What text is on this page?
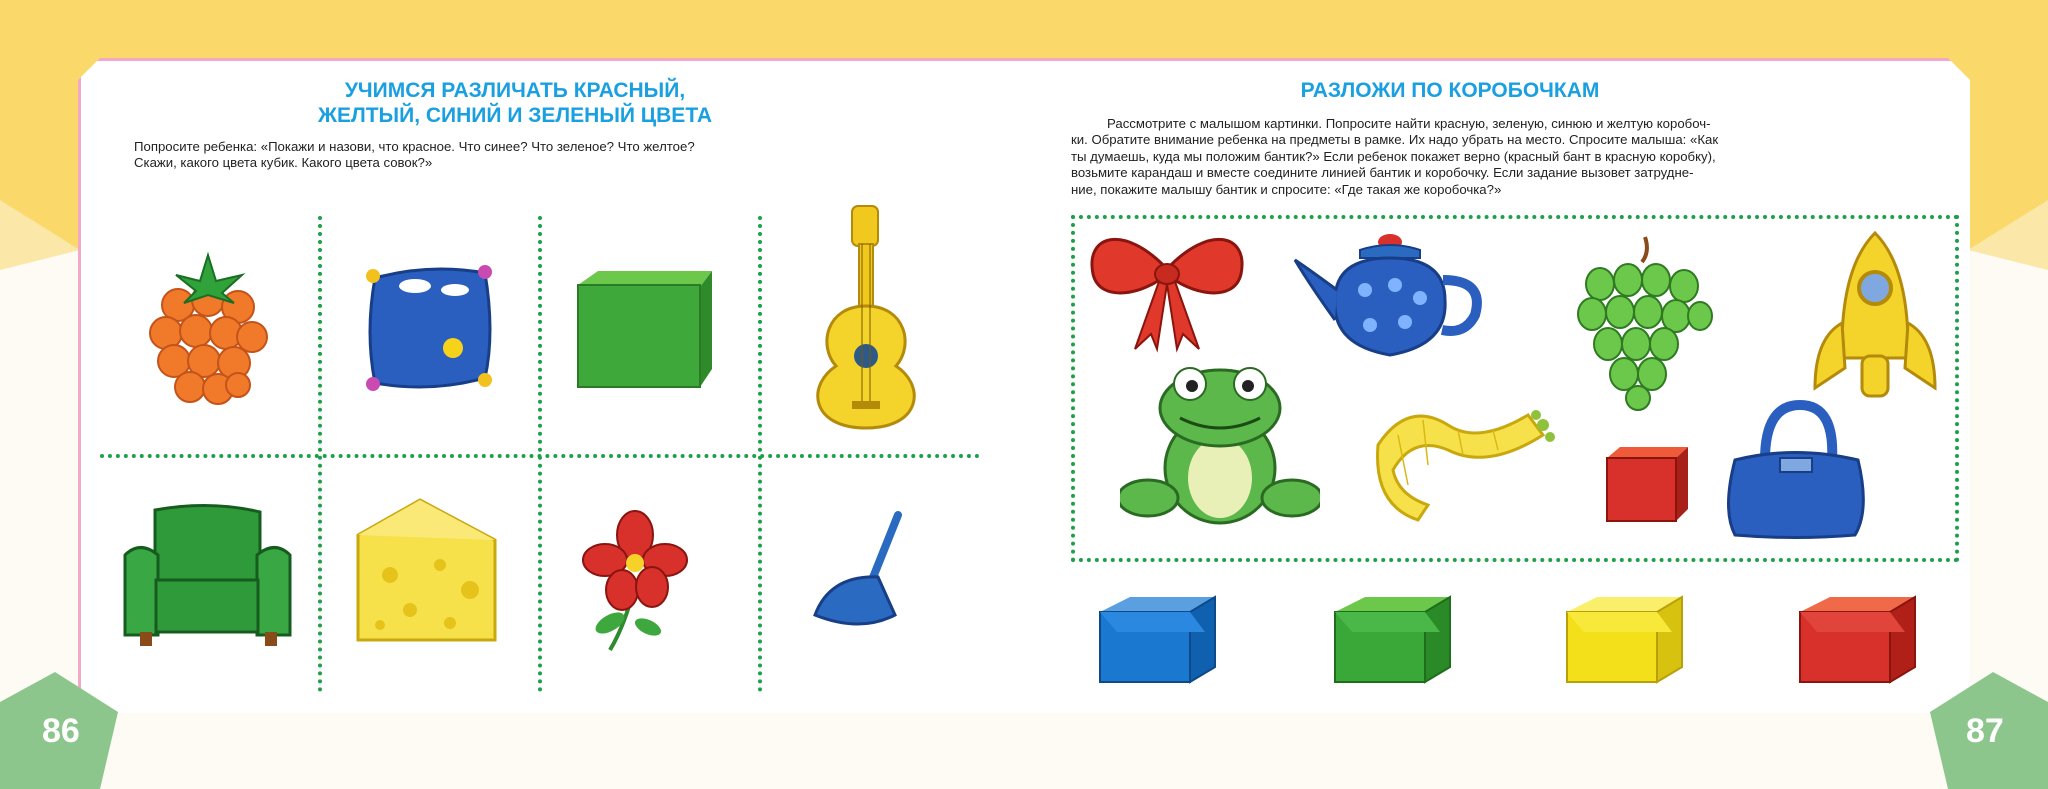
86	87
УЧИМСЯ РАЗЛИЧАТЬ КРАСНЫЙ,
ЖЕЛТЫЙ, СИНИЙ И ЗЕЛЕНЫЙ ЦВЕТА
Попросите ребенка: «Покажи и назови, что красное. Что синее? Что зеленое? Что желтое?
Скажи, какого цвета кубик. Какого цвета совок?»
РАЗЛОЖИ ПО КОРОБОЧКАМ
Рассмотрите с малышом картинки. Попросите найти красную, зеленую, синюю и желтую коробоч-
ки. Обратите внимание ребенка на предметы в рамке. Их надо убрать на место. Спросите малыша: «Как
ты думаешь, куда мы положим бантик?» Если ребенок покажет верно (красный бант в красную коробку),
возьмите карандаш и вместе соедините линией бантик и коробочку. Если задание вызовет затрудне-
ние, покажите малышу бантик и спросите: «Где такая же коробочка?»
